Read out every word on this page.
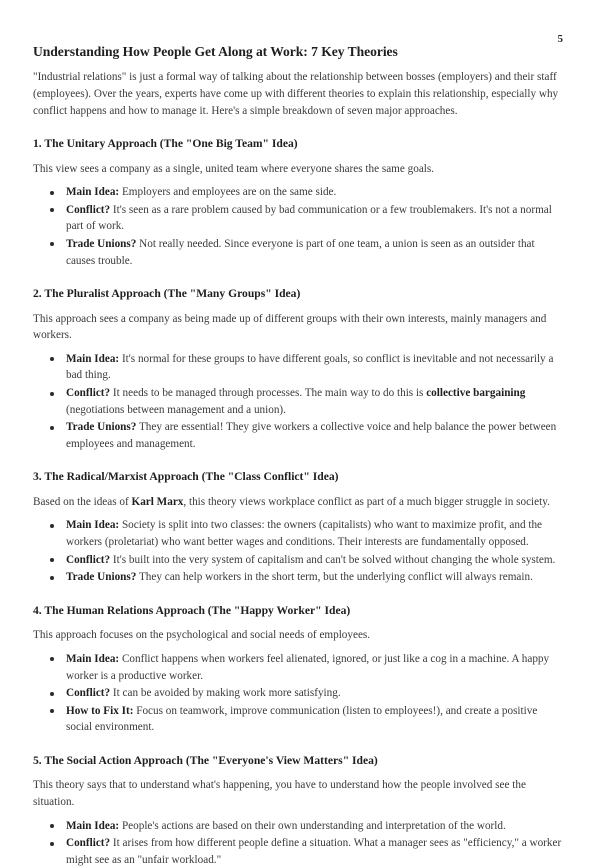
5
Understanding How People Get Along at Work: 7 Key Theories

"Industrial relations" is just a formal way of talking about the relationship between bosses (employers) and their staff (employees). Over the years, experts have come up with different theories to explain this relationship, especially why conflict happens and how to manage it. Here's a simple breakdown of seven major approaches.

1. The Unitary Approach (The "One Big Team" Idea)

This view sees a company as a single, united team where everyone shares the same goals.

Main Idea: Employers and employees are on the same side.
Conflict? It's seen as a rare problem caused by bad communication or a few troublemakers. It's not a normal part of work.
Trade Unions? Not really needed. Since everyone is part of one team, a union is seen as an outsider that causes trouble.
2. The Pluralist Approach (The "Many Groups" Idea)

This approach sees a company as being made up of different groups with their own interests, mainly managers and workers.

Main Idea: It's normal for these groups to have different goals, so conflict is inevitable and not necessarily a bad thing.
Conflict? It needs to be managed through processes. The main way to do this is collective bargaining (negotiations between management and a union).
Trade Unions? They are essential! They give workers a collective voice and help balance the power between employees and management.
3. The Radical/Marxist Approach (The "Class Conflict" Idea)

Based on the ideas of Karl Marx, this theory views workplace conflict as part of a much bigger struggle in society.

Main Idea: Society is split into two classes: the owners (capitalists) who want to maximize profit, and the workers (proletariat) who want better wages and conditions. Their interests are fundamentally opposed.
Conflict? It's built into the very system of capitalism and can't be solved without changing the whole system.
Trade Unions? They can help workers in the short term, but the underlying conflict will always remain.
4. The Human Relations Approach (The "Happy Worker" Idea)

This approach focuses on the psychological and social needs of employees.

Main Idea: Conflict happens when workers feel alienated, ignored, or just like a cog in a machine. A happy worker is a productive worker.
Conflict? It can be avoided by making work more satisfying.
How to Fix It: Focus on teamwork, improve communication (listen to employees!), and create a positive social environment.
5. The Social Action Approach (The "Everyone's View Matters" Idea)

This theory says that to understand what's happening, you have to understand how the people involved see the situation.

Main Idea: People's actions are based on their own understanding and interpretation of the world.
Conflict? It arises from how different people define a situation. What a manager sees as "efficiency," a worker might see as an "unfair workload."
